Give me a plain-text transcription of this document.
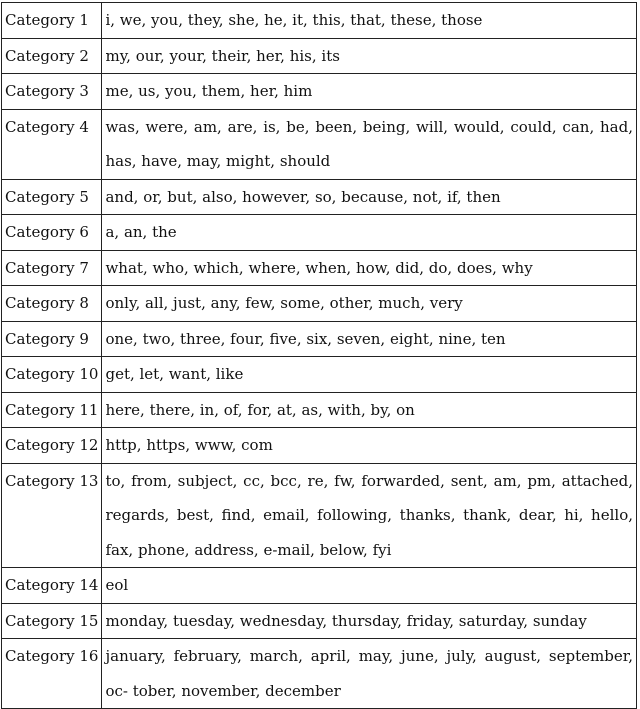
Category 1	i, we, you, they, she, he, it, this, that, these, those
Category 2	my, our, your, their, her, his, its
Category 3	me, us, you, them, her, him
Category 4	was, were, am, are, is, be, been, being, will, would, could, can, had, has, have, may, might, should
Category 5	and, or, but, also, however, so, because, not, if, then
Category 6	a, an, the
Category 7	what, who, which, where, when, how, did, do, does, why
Category 8	only, all, just, any, few, some, other, much, very
Category 9	one, two, three, four, five, six, seven, eight, nine, ten
Category 10	get, let, want, like
Category 11	here, there, in, of, for, at, as, with, by, on
Category 12	http, https, www, com
Category 13	to, from, subject, cc, bcc, re, fw, forwarded, sent, am, pm, attached, regards, best, find, email, following, thanks, thank, dear, hi, hello, fax, phone, address, e-mail, below, fyi
Category 14	eol
Category 15	monday, tuesday, wednesday, thursday, friday, saturday, sunday
Category 16	january, february, march, april, may, june, july, august, september, oc- tober, november, december
